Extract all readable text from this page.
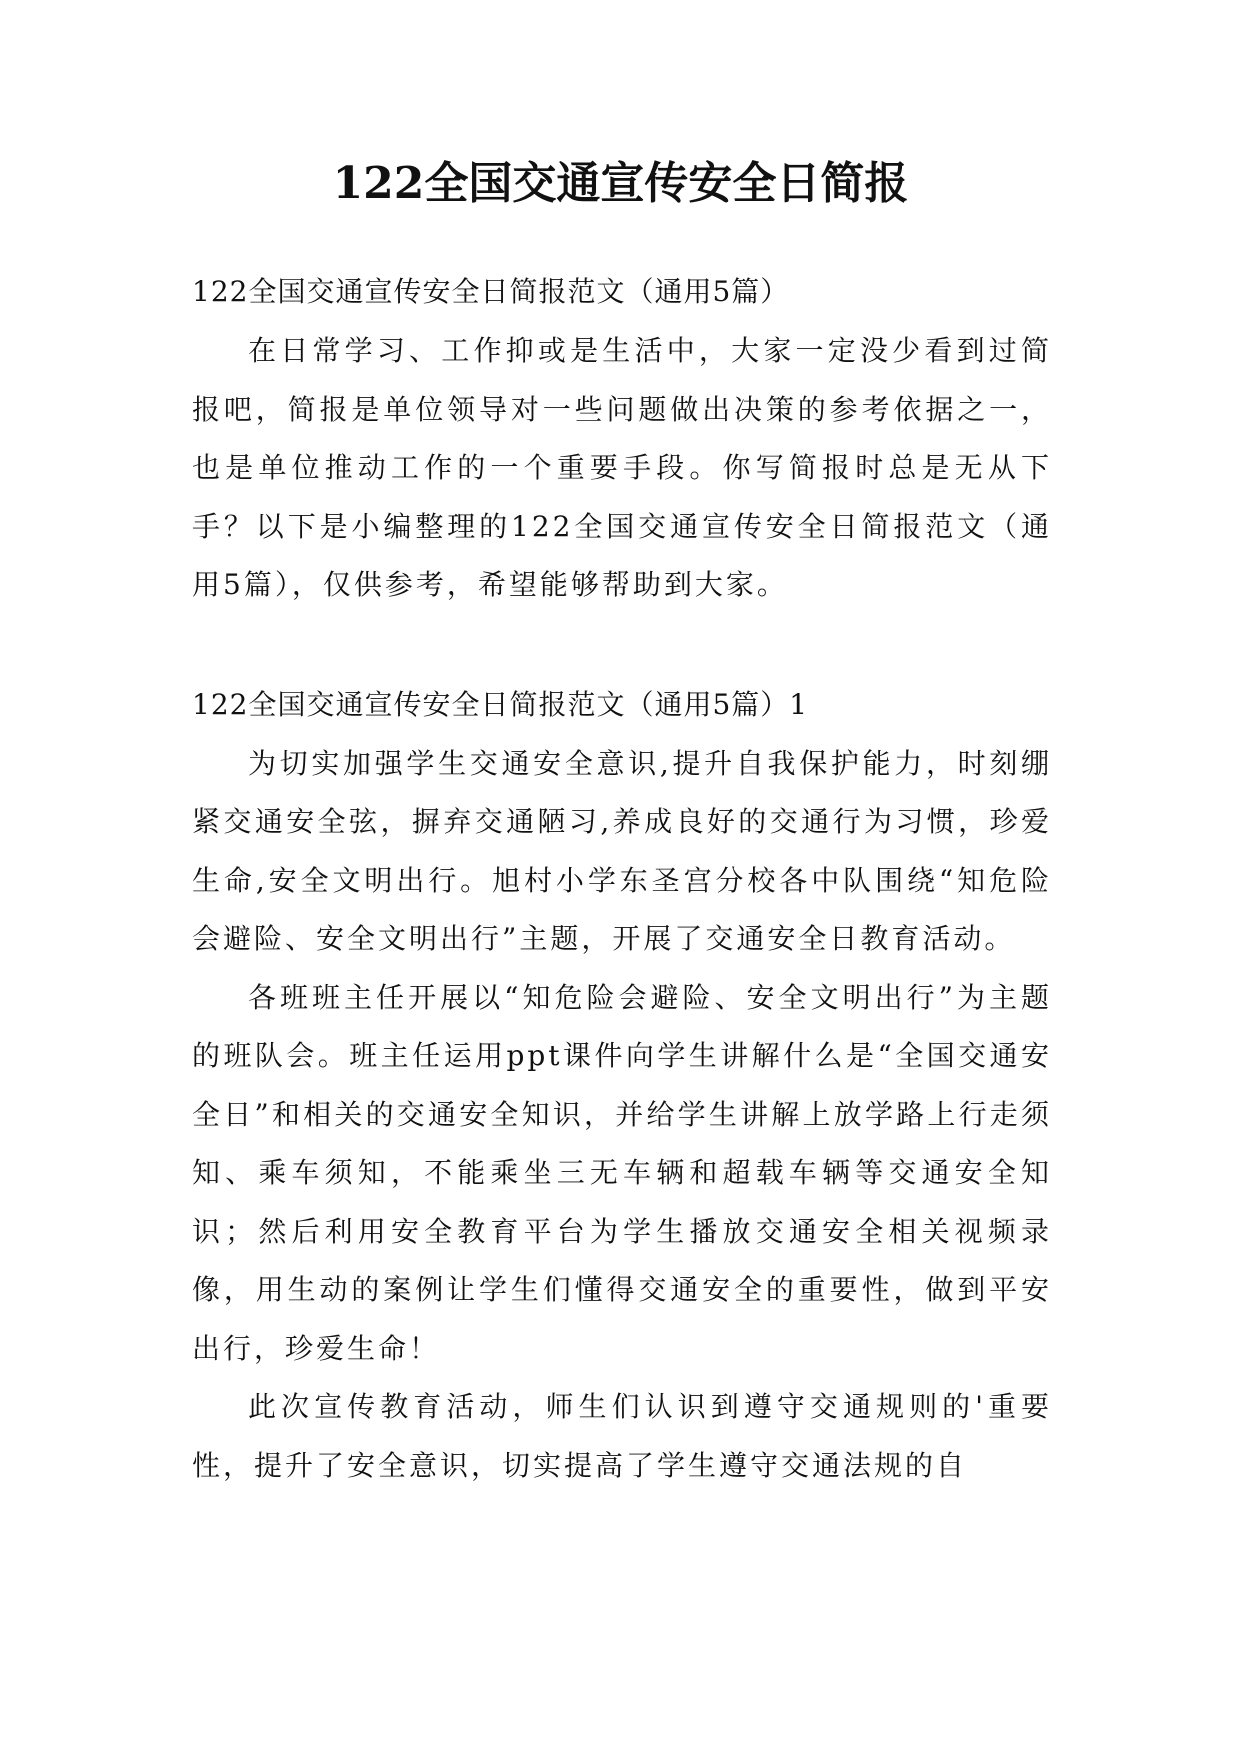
122全国交通宣传安全日简报

122全国交通宣传安全日简报范文（通用5篇）

在日常学习、工作抑或是生活中，大家一定没少看到过简报吧，简报是单位领导对一些问题做出决策的参考依据之一，也是单位推动工作的一个重要手段。你写简报时总是无从下手？以下是小编整理的122全国交通宣传安全日简报范文（通用5篇），仅供参考，希望能够帮助到大家。

122全国交通宣传安全日简报范文（通用5篇）1

为切实加强学生交通安全意识,提升自我保护能力，时刻绷紧交通安全弦，摒弃交通陋习,养成良好的交通行为习惯，珍爱生命,安全文明出行。旭村小学东圣宫分校各中队围绕“知危险会避险、安全文明出行”主题，开展了交通安全日教育活动。

各班班主任开展以“知危险会避险、安全文明出行”为主题的班队会。班主任运用ppt课件向学生讲解什么是“全国交通安全日”和相关的交通安全知识，并给学生讲解上放学路上行走须知、乘车须知，不能乘坐三无车辆和超载车辆等交通安全知识；然后利用安全教育平台为学生播放交通安全相关视频录像，用生动的案例让学生们懂得交通安全的重要性，做到平安出行，珍爱生命！

此次宣传教育活动，师生们认识到遵守交通规则的'重要性，提升了安全意识，切实提高了学生遵守交通法规的自
